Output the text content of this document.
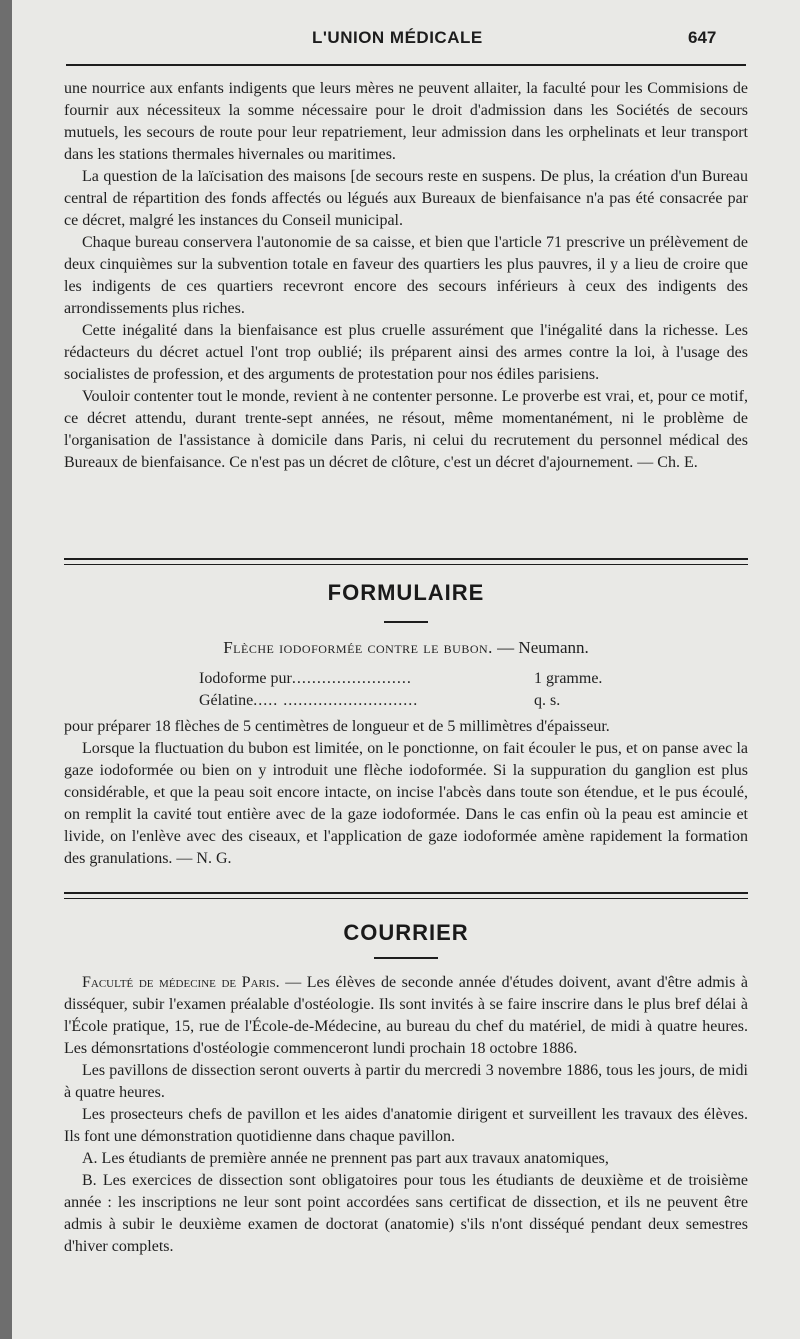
L'UNION MÉDICALE	647

une nourrice aux enfants indigents que leurs mères ne peuvent allaiter, la faculté pour les Commisions de fournir aux nécessiteux la somme nécessaire pour le droit d'admission dans les Sociétés de secours mutuels, les secours de route pour leur repatriement, leur admission dans les orphelinats et leur transport dans les stations thermales hivernales ou maritimes.

La question de la laïcisation des maisons [de secours reste en suspens. De plus, la création d'un Bureau central de répartition des fonds affectés ou légués aux Bureaux de bienfaisance n'a pas été consacrée par ce décret, malgré les instances du Conseil municipal.

Chaque bureau conservera l'autonomie de sa caisse, et bien que l'article 71 prescrive un prélèvement de deux cinquièmes sur la subvention totale en faveur des quartiers les plus pauvres, il y a lieu de croire que les indigents de ces quartiers recevront encore des secours inférieurs à ceux des indigents des arrondissements plus riches.

Cette inégalité dans la bienfaisance est plus cruelle assurément que l'inégalité dans la richesse. Les rédacteurs du décret actuel l'ont trop oublié; ils préparent ainsi des armes contre la loi, à l'usage des socialistes de profession, et des arguments de protestation pour nos édiles parisiens.

Vouloir contenter tout le monde, revient à ne contenter personne. Le proverbe est vrai, et, pour ce motif, ce décret attendu, durant trente-sept années, ne résout, même momentanément, ni le problème de l'organisation de l'assistance à domicile dans Paris, ni celui du recrutement du personnel médical des Bureaux de bienfaisance. Ce n'est pas un décret de clôture, c'est un décret d'ajournement. — Ch. E.

FORMULAIRE
Flèche iodoformée contre le bubon. — Neumann.
Iodoforme pur........................	1 gramme.
Gélatine..... ...........................	q. s.

pour préparer 18 flèches de 5 centimètres de longueur et de 5 millimètres d'épaisseur.

Lorsque la fluctuation du bubon est limitée, on le ponctionne, on fait écouler le pus, et on panse avec la gaze iodoformée ou bien on y introduit une flèche iodoformée. Si la suppuration du ganglion est plus considérable, et que la peau soit encore intacte, on incise l'abcès dans toute son étendue, et le pus écoulé, on remplit la cavité tout entière avec de la gaze iodoformée. Dans le cas enfin où la peau est amincie et livide, on l'enlève avec des ciseaux, et l'application de gaze iodoformée amène rapidement la formation des granulations. — N. G.

COURRIER

Faculté de médecine de Paris. — Les élèves de seconde année d'études doivent, avant d'être admis à disséquer, subir l'examen préalable d'ostéologie. Ils sont invités à se faire inscrire dans le plus bref délai à l'École pratique, 15, rue de l'École-de-Médecine, au bureau du chef du matériel, de midi à quatre heures. Les démonsrtations d'ostéologie commenceront lundi prochain 18 octobre 1886.

Les pavillons de dissection seront ouverts à partir du mercredi 3 novembre 1886, tous les jours, de midi à quatre heures.

Les prosecteurs chefs de pavillon et les aides d'anatomie dirigent et surveillent les travaux des élèves. Ils font une démonstration quotidienne dans chaque pavillon.

A. Les étudiants de première année ne prennent pas part aux travaux anatomiques,

B. Les exercices de dissection sont obligatoires pour tous les étudiants de deuxième et de troisième année : les inscriptions ne leur sont point accordées sans certificat de dissection, et ils ne peuvent être admis à subir le deuxième examen de doctorat (anatomie) s'ils n'ont disséqué pendant deux semestres d'hiver complets.
